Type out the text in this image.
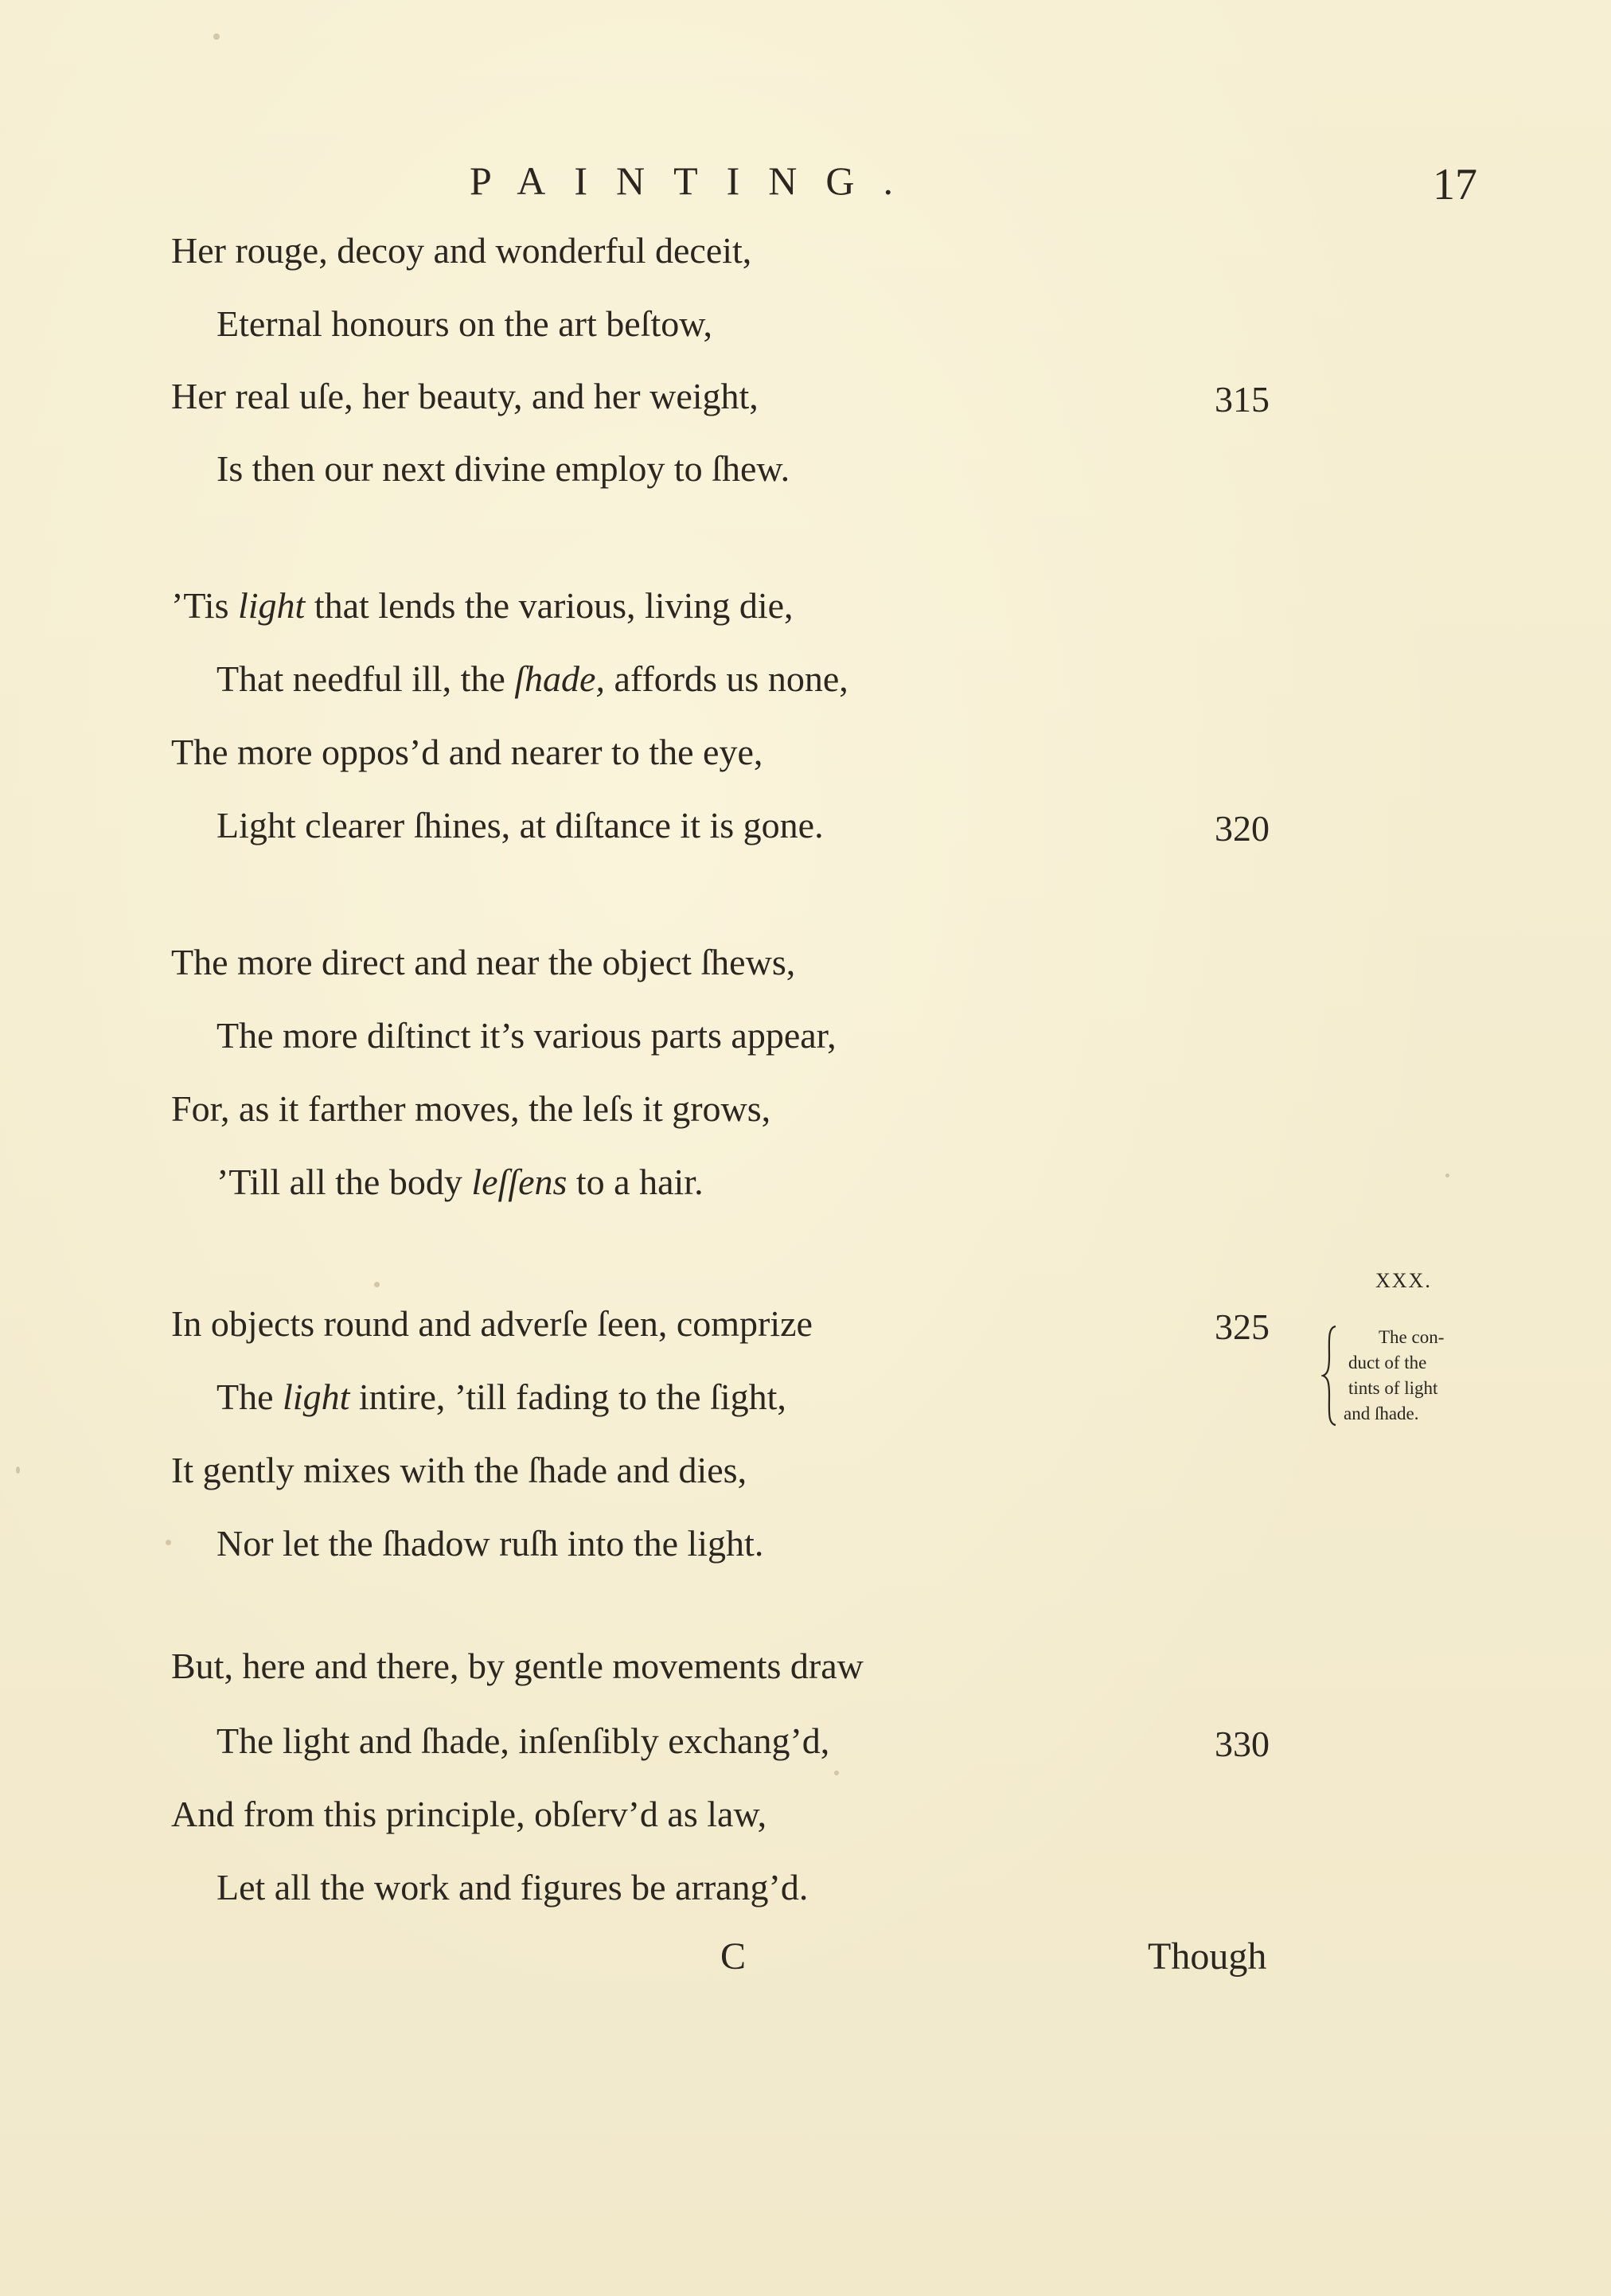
PAINTING.	17
Her rouge, decoy and wonderful deceit,
Eternal honours on the art beſtow,
Her real uſe, her beauty, and her weight,	315
Is then our next divine employ to ſhew.
’Tis light that lends the various, living die,
That needful ill, the ſhade, affords us none,
The more oppos’d and nearer to the eye,
Light clearer ſhines, at diſtance it is gone.	320
The more direct and near the object ſhews,
The more diſtinct it’s various parts appear,
For, as it farther moves, the leſs it grows,
’Till all the body leſſens to a hair.
In objects round and adverſe ſeen, comprize	325
The light intire, ’till fading to the ſight,
It gently mixes with the ſhade and dies,
Nor let the ſhadow ruſh into the light.
But, here and there, by gentle movements draw
The light and ſhade, inſenſibly exchang’d,	330
And from this principle, obſerv’d as law,
Let all the work and figures be arrang’d.
XXX.
The con-
duct of the
tints of light
and ſhade.
C	Though
